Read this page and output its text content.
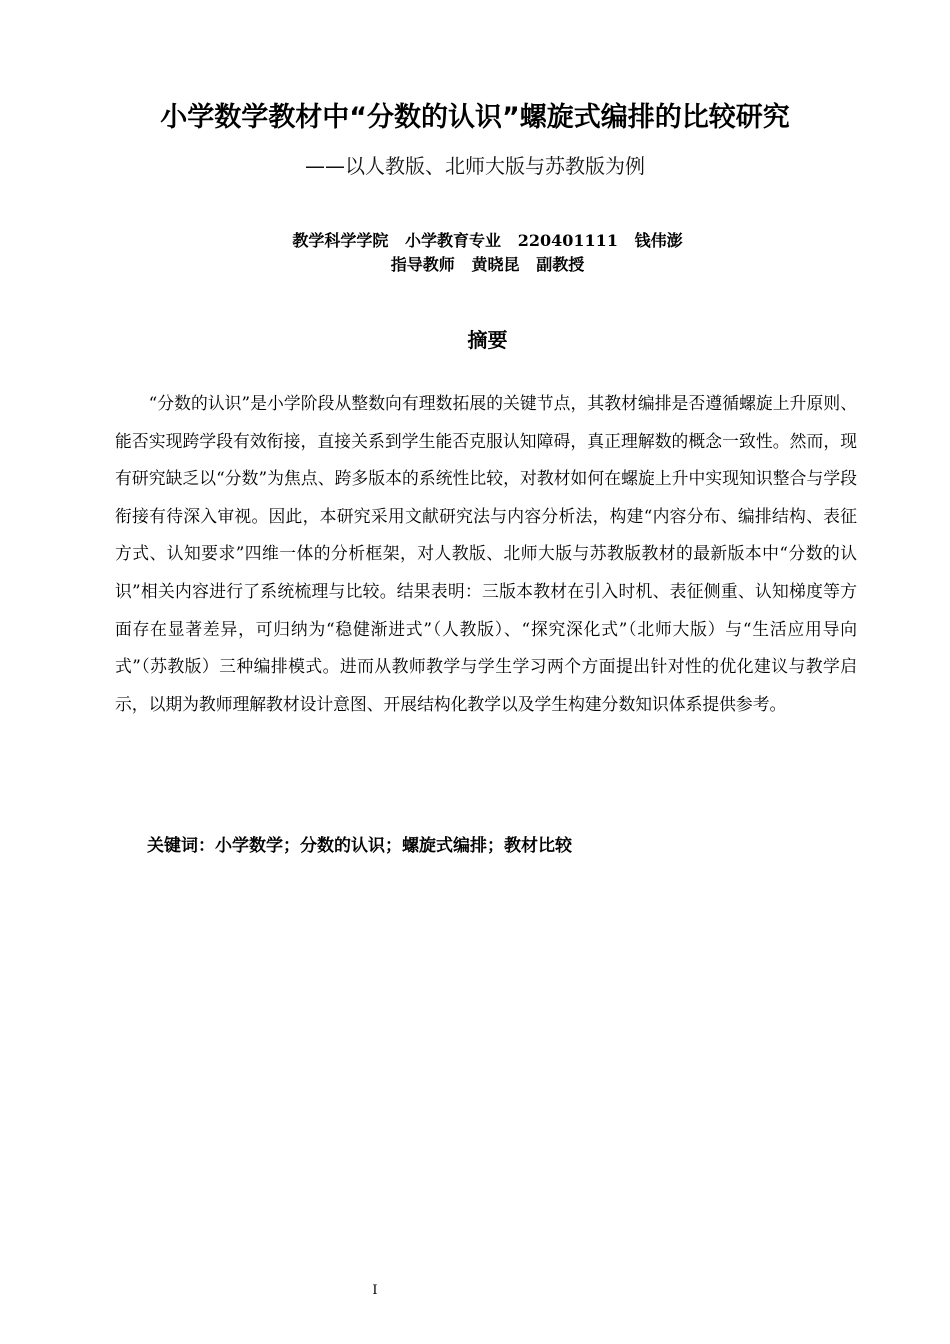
小学数学教材中“分数的认识”螺旋式编排的比较研究
——以人教版、北师大版与苏教版为例
教学科学学院   小学教育专业   220401111   钱伟澎
指导教师   黄晓昆   副教授
摘要

“分数的认识”是小学阶段从整数向有理数拓展的关键节点，其教材编排是否遵循螺旋上升原则、能否实现跨学段有效衔接，直接关系到学生能否克服认知障碍，真正理解数的概念一致性。然而，现有研究缺乏以“分数”为焦点、跨多版本的系统性比较，对教材如何在螺旋上升中实现知识整合与学段衔接有待深入审视。因此，本研究采用文献研究法与内容分析法，构建“内容分布、编排结构、表征方式、认知要求”四维一体的分析框架，对人教版、北师大版与苏教版教材的最新版本中“分数的认识”相关内容进行了系统梳理与比较。结果表明：三版本教材在引入时机、表征侧重、认知梯度等方面存在显著差异，可归纳为“稳健渐进式”（人教版）、“探究深化式”（北师大版）与“生活应用导向式”（苏教版）三种编排模式。进而从教师教学与学生学习两个方面提出针对性的优化建议与教学启示，以期为教师理解教材设计意图、开展结构化教学以及学生构建分数知识体系提供参考。

关键词：小学数学；分数的认识；螺旋式编排；教材比较
I
